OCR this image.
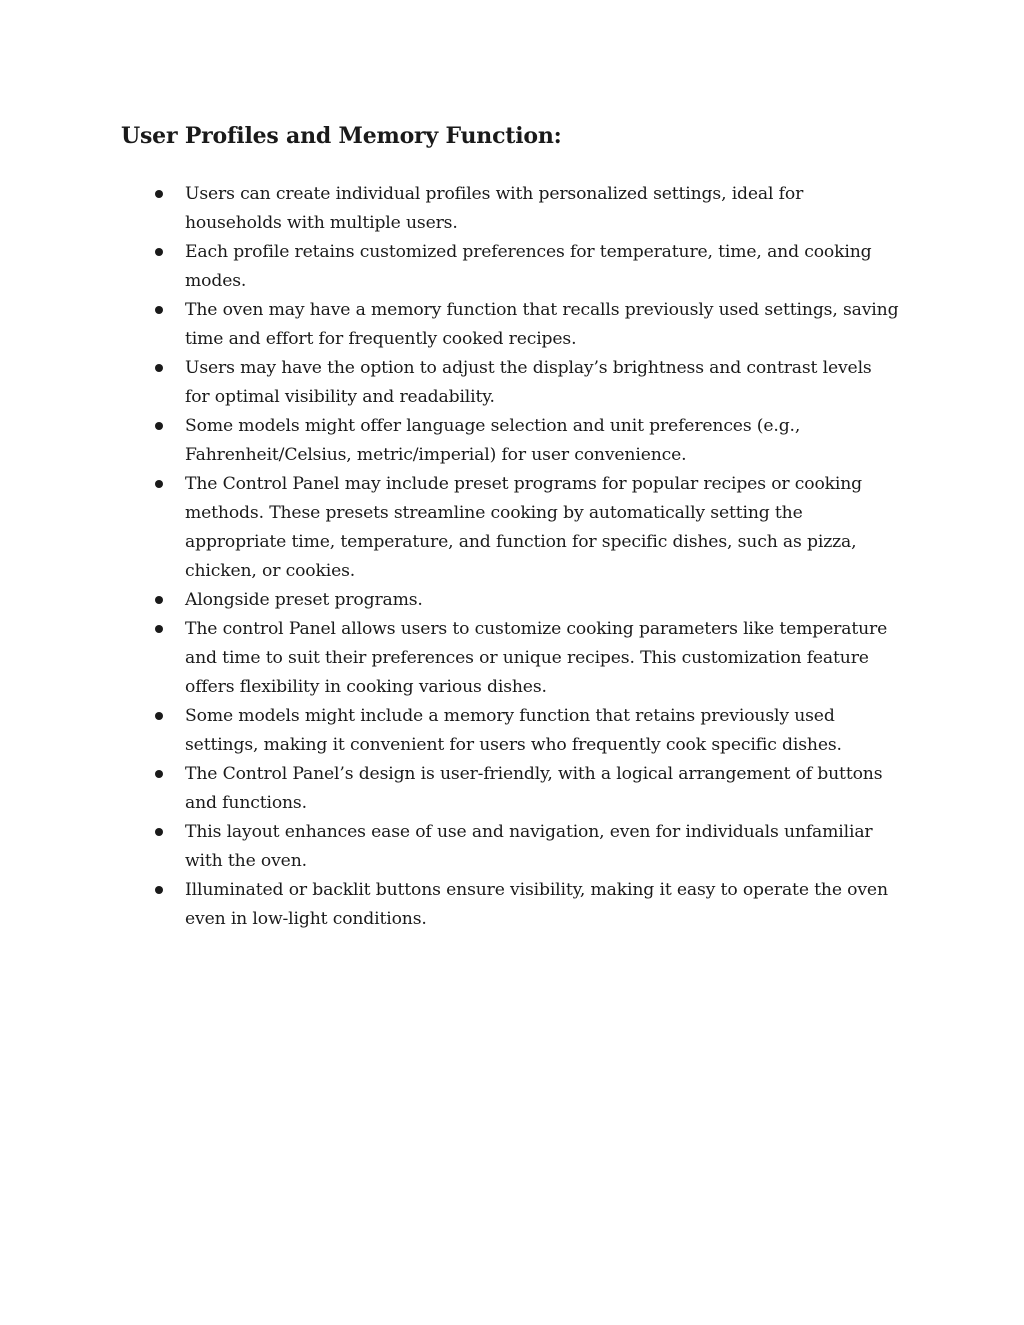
User Profiles and Memory Function:
Users can create individual profiles with personalized settings, ideal for households with multiple users.
Each profile retains customized preferences for temperature, time, and cooking modes.
The oven may have a memory function that recalls previously used settings, saving time and effort for frequently cooked recipes.
Users may have the option to adjust the display’s brightness and contrast levels for optimal visibility and readability.
Some models might offer language selection and unit preferences (e.g., Fahrenheit/Celsius, metric/imperial) for user convenience.
The Control Panel may include preset programs for popular recipes or cooking methods. These presets streamline cooking by automatically setting the appropriate time, temperature, and function for specific dishes, such as pizza, chicken, or cookies.
Alongside preset programs.
The control Panel allows users to customize cooking parameters like temperature and time to suit their preferences or unique recipes. This customization feature offers flexibility in cooking various dishes.
Some models might include a memory function that retains previously used settings, making it convenient for users who frequently cook specific dishes.
The Control Panel’s design is user-friendly, with a logical arrangement of buttons and functions.
This layout enhances ease of use and navigation, even for individuals unfamiliar with the oven.
Illuminated or backlit buttons ensure visibility, making it easy to operate the oven even in low-light conditions.
